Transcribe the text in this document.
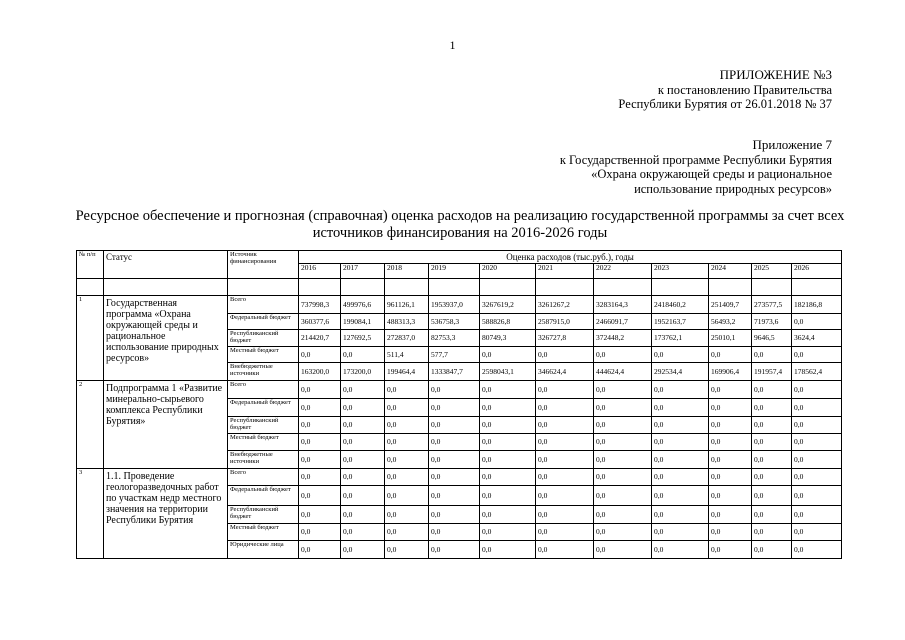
1
ПРИЛОЖЕНИЕ №3
к постановлению Правительства
Республики Бурятия от 26.01.2018 № 37
Приложение 7
к Государственной программе Республики Бурятия
«Охрана окружающей среды и рациональное
использование природных ресурсов»
Ресурсное обеспечение и прогнозная (справочная) оценка расходов на реализацию государственной программы за счет всех источников финансирования на 2016-2026 годы
№ п/п	Статус	Источник финансирования	Оценка расходов (тыс.руб.), годы										
			2016	2017	2018	2019	2020	2021	2022	2023	2024	2025	2026

1	Государственная программа «Охрана окружающей среды и рациональное использование природных ресурсов»	Всего	737998,3	499976,6	961126,1	1953937,0	3267619,2	3261267,2	3283164,3	2418460,2	251409,7	273577,5	182186,8
		Федеральный бюджет	360377,6	199084,1	488313,3	536758,3	588826,8	2587915,0	2466091,7	1952163,7	56493,2	71973,6	0,0
		Республиканский бюджет	214420,7	127692,5	272837,0	82753,3	80749,3	326727,8	372448,2	173762,1	25010,1	9646,5	3624,4
		Местный бюджет	0,0	0,0	511,4	577,7	0,0	0,0	0,0	0,0	0,0	0,0	0,0
		Внебюджетные источники	163200,0	173200,0	199464,4	1333847,7	2598043,1	346624,4	444624,4	292534,4	169906,4	191957,4	178562,4
2	Подпрограмма 1 «Развитие минерально-сырьевого комплекса Республики Бурятия»	Всего	0,0	0,0	0,0	0,0	0,0	0,0	0,0	0,0	0,0	0,0	0,0
		Федеральный бюджет	0,0	0,0	0,0	0,0	0,0	0,0	0,0	0,0	0,0	0,0	0,0
		Республиканский бюджет	0,0	0,0	0,0	0,0	0,0	0,0	0,0	0,0	0,0	0,0	0,0
		Местный бюджет	0,0	0,0	0,0	0,0	0,0	0,0	0,0	0,0	0,0	0,0	0,0
		Внебюджетные источники	0,0	0,0	0,0	0,0	0,0	0,0	0,0	0,0	0,0	0,0	0,0
3	1.1. Проведение геологоразведочных работ по участкам недр местного значения на территории Республики Бурятия	Всего	0,0	0,0	0,0	0,0	0,0	0,0	0,0	0,0	0,0	0,0	0,0
		Федеральный бюджет	0,0	0,0	0,0	0,0	0,0	0,0	0,0	0,0	0,0	0,0	0,0
		Республиканский бюджет	0,0	0,0	0,0	0,0	0,0	0,0	0,0	0,0	0,0	0,0	0,0
		Местный бюджет	0,0	0,0	0,0	0,0	0,0	0,0	0,0	0,0	0,0	0,0	0,0
		Юридические лица	0,0	0,0	0,0	0,0	0,0	0,0	0,0	0,0	0,0	0,0	0,0
